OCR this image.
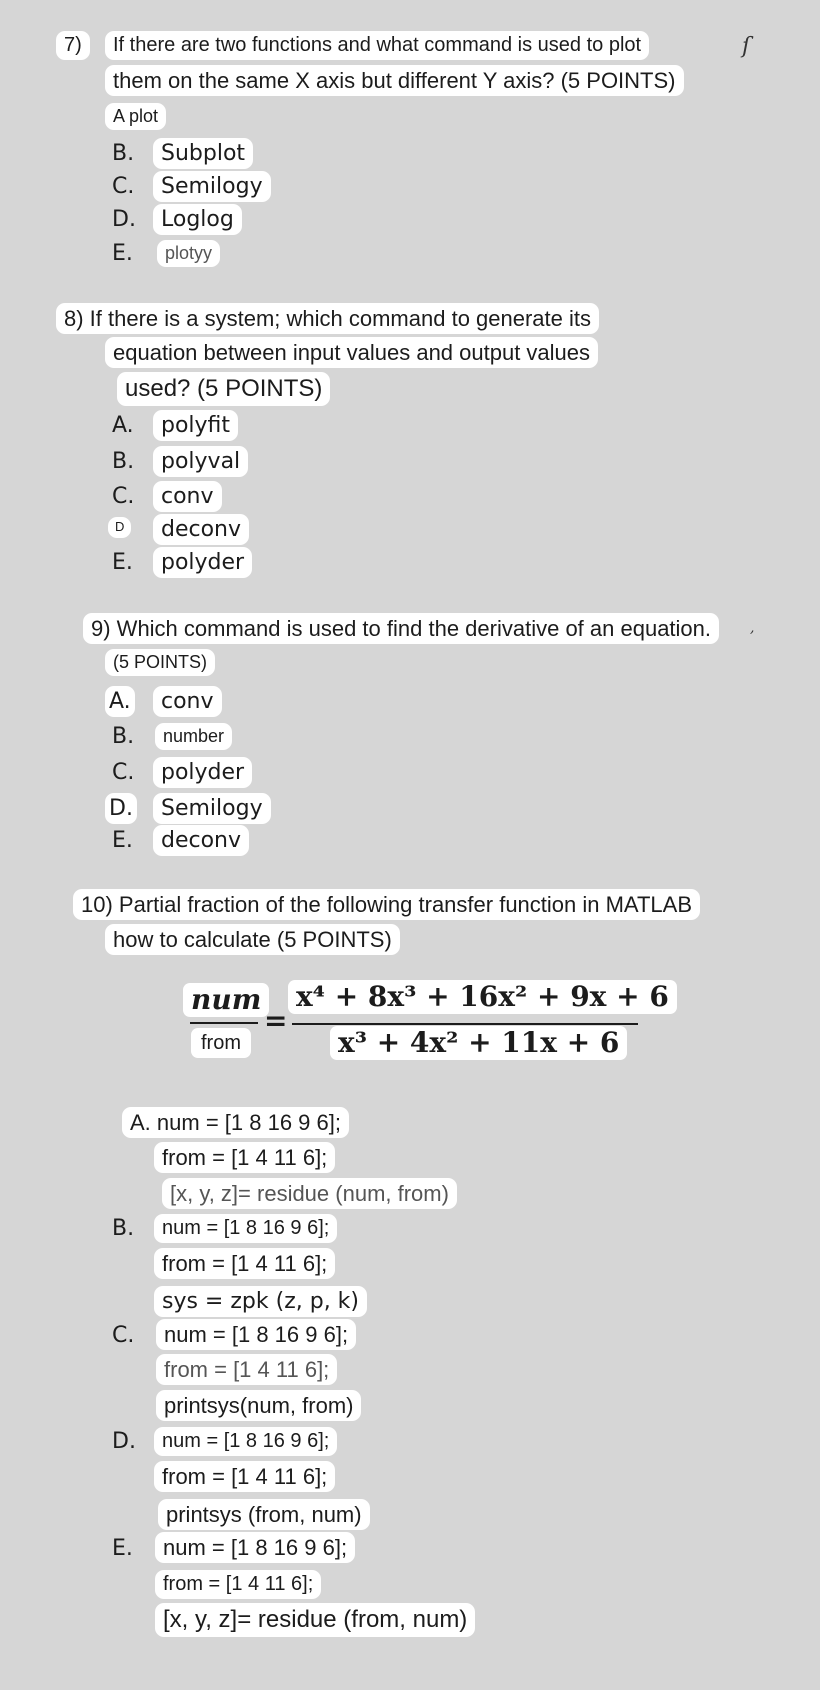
7)	If there are two functions and what command is used to plot	ſ
them on the same X axis but different Y axis? (5 POINTS)
A plot
B.	Subplot
C.	Semilogy
D.	Loglog
E.	plotyy
8) If there is a system; which command to generate its
equation between input values and output values
used? (5 POINTS)
A.	polyfit
B.	polyval
C.	conv
D	deconv
E.	polyder
9) Which command is used to find the derivative of an equation.	,
(5 POINTS)
A.	conv
B.	number
C.	polyder
D.	Semilogy
E.	deconv
10) Partial fraction of the following transfer function in MATLAB
how to calculate (5 POINTS)
num
from
=
x⁴ + 8x³ + 16x² + 9x + 6
x³ + 4x² + 11x + 6
A. num = [1 8 16 9 6];
from = [1 4 11 6];
[x, y, z]= residue (num, from)
B.	num = [1 8 16 9 6];
from = [1 4 11 6];
sys = zpk (z, p, k)
C.	num = [1 8 16 9 6];
from = [1 4 11 6];
printsys(num, from)
D.	num = [1 8 16 9 6];
from = [1 4 11 6];
printsys (from, num)
E.	num = [1 8 16 9 6];
from = [1 4 11 6];
[x, y, z]= residue (from, num)
